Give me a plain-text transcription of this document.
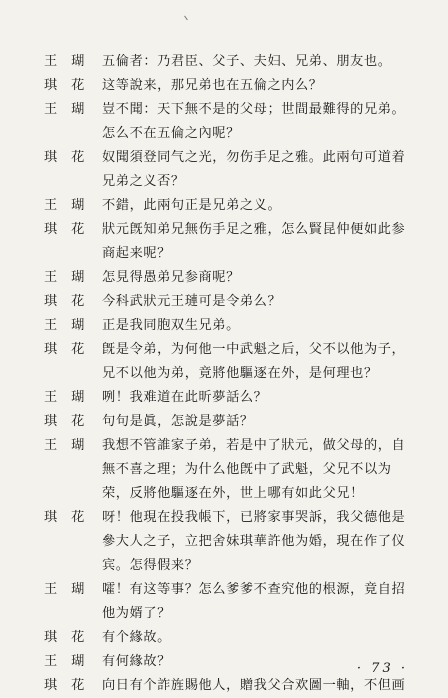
王瑚 五倫者：乃君臣、父子、夫妇、兄弟、朋友也。
琪花 这等說来，那兄弟也在五倫之内么？
王瑚 豈不聞：天下無不是的父母；世間最難得的兄弟。
怎么不在五倫之內呢？
琪花 奴聞須登同气之光，勿伤手足之雅。此兩句可道着
兄弟之义否？
王瑚 不錯，此兩句正是兄弟之义。
琪花 狀元旣知弟兄無伤手足之雅，怎么賢昆仲便如此参
商起来呢？
王瑚 怎見得愚弟兄参商呢？
琪花 今科武狀元王璉可是令弟么？
王瑚 正是我同胞双生兄弟。
琪花 旣是令弟，为何他一中武魁之后，父不以他为子，
兄不以他为弟，竟將他驅逐在外，是何理也？
王瑚 咧！我难道在此昕夢話么？
琪花 句句是眞，怎說是夢話？
王瑚 我想不管誰家子弟，若是中了狀元，做父母的，自
無不喜之理；为什么他旣中了武魁，父兄不以为
荣，反將他驅逐在外，世上哪有如此父兄！
琪花 呀！他現在投我帳下，已將家事哭訴，我父德他是
參大人之子，立把舍妹琪華許他为婚，現在作了仪
宾。怎得假来？
王瑚 嚯！有这等事？怎么爹爹不查究他的根源，竟自招
他为婿了？
琪花 有个緣故。
王瑚 有何緣故？
琪花 向日有个詐旌賜他人，贈我父合欢圖一軸，不但画
· 73 ·
